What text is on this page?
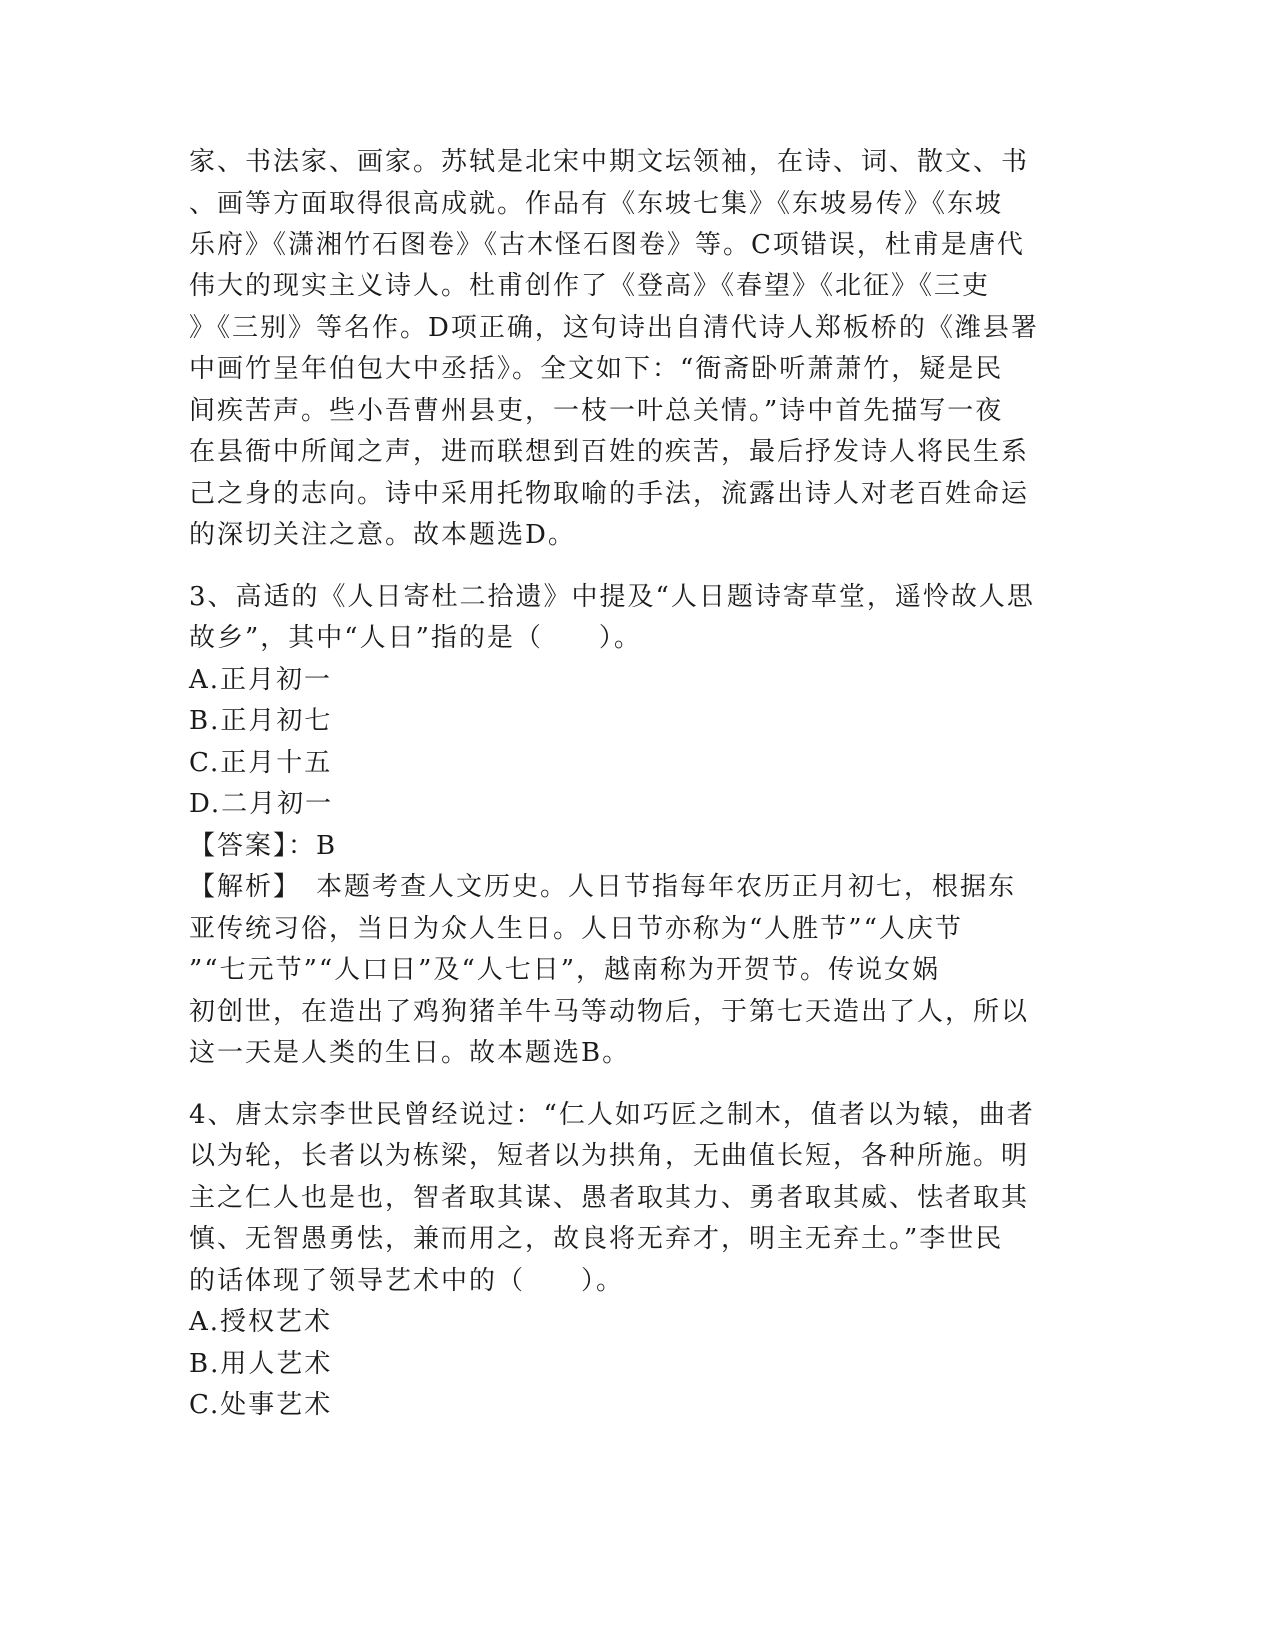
家、书法家、画家。苏轼是北宋中期文坛领袖，在诗、词、散文、书
、画等方面取得很高成就。作品有《东坡七集》《东坡易传》《东坡
乐府》《潇湘竹石图卷》《古木怪石图卷》等。C项错误，杜甫是唐代
伟大的现实主义诗人。杜甫创作了《登高》《春望》《北征》《三吏
》《三别》等名作。D项正确，这句诗出自清代诗人郑板桥的《潍县署
中画竹呈年伯包大中丞括》。全文如下：“衙斋卧听萧萧竹，疑是民
间疾苦声。些小吾曹州县吏，一枝一叶总关情。”诗中首先描写一夜
在县衙中所闻之声，进而联想到百姓的疾苦，最后抒发诗人将民生系
己之身的志向。诗中采用托物取喻的手法，流露出诗人对老百姓命运
的深切关注之意。故本题选D。
3、高适的《人日寄杜二拾遗》中提及“人日题诗寄草堂，遥怜故人思
故乡”，其中“人日”指的是（　　）。
A.正月初一
B.正月初七
C.正月十五
D.二月初一
【答案】：B
【解析】　本题考查人文历史。人日节指每年农历正月初七，根据东
亚传统习俗，当日为众人生日。人日节亦称为“人胜节”“人庆节
”“七元节”“人口日”及“人七日”，越南称为开贺节。传说女娲
初创世，在造出了鸡狗猪羊牛马等动物后，于第七天造出了人，所以
这一天是人类的生日。故本题选B。
4、唐太宗李世民曾经说过：“仁人如巧匠之制木，值者以为辕，曲者
以为轮，长者以为栋梁，短者以为拱角，无曲值长短，各种所施。明
主之仁人也是也，智者取其谋、愚者取其力、勇者取其威、怯者取其
慎、无智愚勇怯，兼而用之，故良将无弃才，明主无弃土。”李世民
的话体现了领导艺术中的（　　）。
A.授权艺术
B.用人艺术
C.处事艺术
